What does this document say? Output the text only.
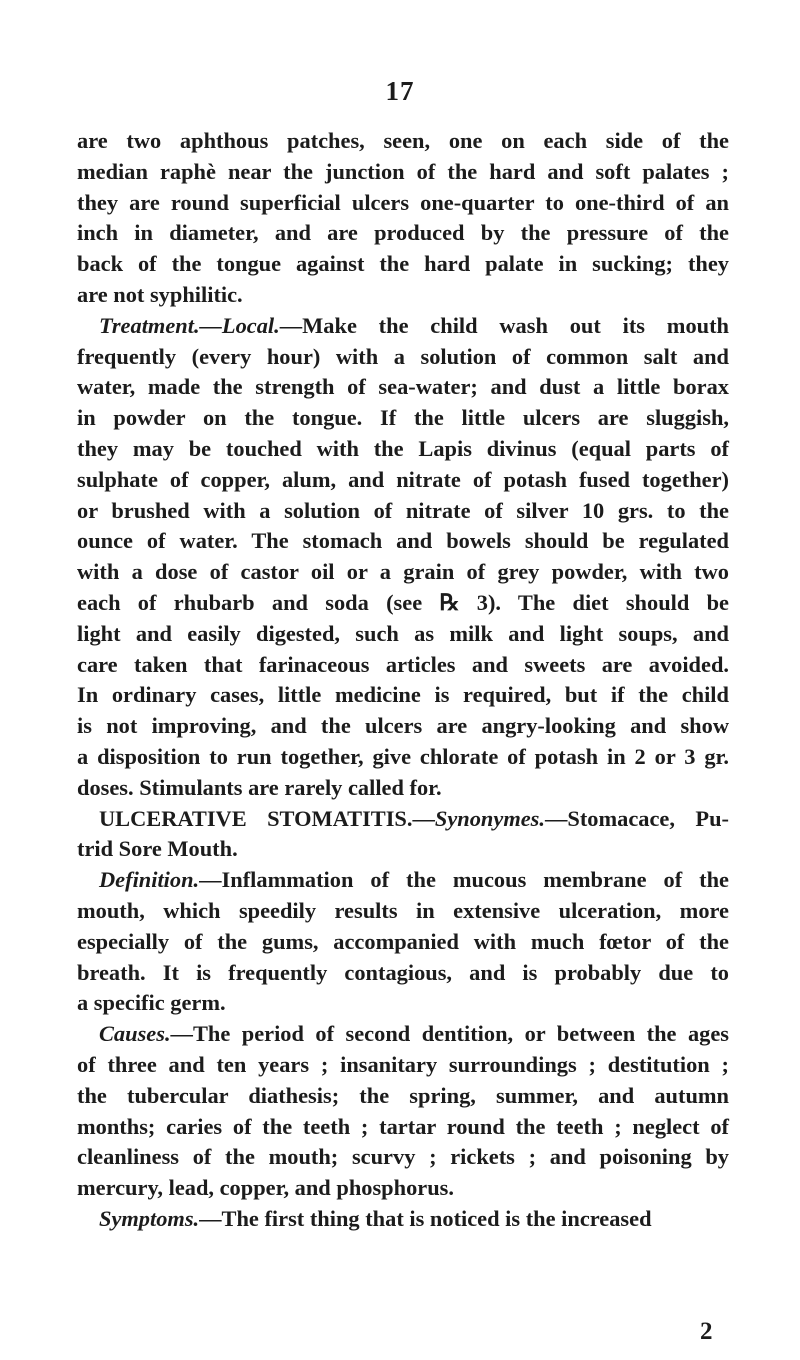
17
are two aphthous patches, seen, one on each side of the
median raphè near the junction of the hard and soft palates ;
they are round superficial ulcers one-quarter to one-third of an
inch in diameter, and are produced by the pressure of the
back of the tongue against the hard palate in sucking; they
are not syphilitic.
Treatment.—Local.—Make the child wash out its mouth
frequently (every hour) with a solution of common salt and
water, made the strength of sea-water; and dust a little borax
in powder on the tongue. If the little ulcers are sluggish,
they may be touched with the Lapis divinus (equal parts of
sulphate of copper, alum, and nitrate of potash fused together)
or brushed with a solution of nitrate of silver 10 grs. to the
ounce of water. The stomach and bowels should be regulated
with a dose of castor oil or a grain of grey powder, with two
each of rhubarb and soda (see ℞ 3). The diet should be
light and easily digested, such as milk and light soups, and
care taken that farinaceous articles and sweets are avoided.
In ordinary cases, little medicine is required, but if the child
is not improving, and the ulcers are angry-looking and show
a disposition to run together, give chlorate of potash in 2 or 3 gr.
doses. Stimulants are rarely called for.
ULCERATIVE STOMATITIS.—Synonymes.—Stomacace, Pu-
trid Sore Mouth.
Definition.—Inflammation of the mucous membrane of the
mouth, which speedily results in extensive ulceration, more
especially of the gums, accompanied with much fœtor of the
breath. It is frequently contagious, and is probably due to
a specific germ.
Causes.—The period of second dentition, or between the ages
of three and ten years ; insanitary surroundings ; destitution ;
the tubercular diathesis; the spring, summer, and autumn
months; caries of the teeth ; tartar round the teeth ; neglect of
cleanliness of the mouth; scurvy ; rickets ; and poisoning by
mercury, lead, copper, and phosphorus.
Symptoms.—The first thing that is noticed is the increased
2
